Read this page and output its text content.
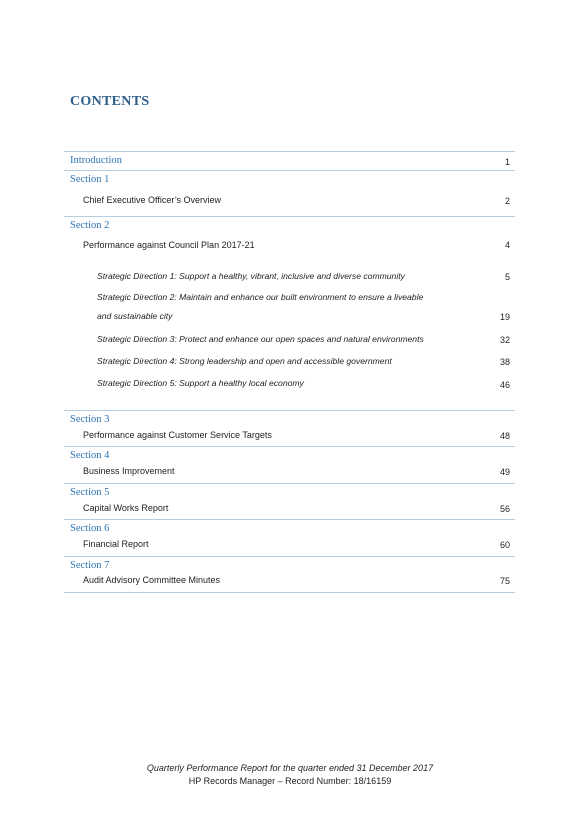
CONTENTS
Introduction	1
Section 1
Chief Executive Officer’s Overview	2
Section 2
Performance against Council Plan 2017-21	4
Strategic Direction 1: Support a healthy, vibrant, inclusive and diverse community	5
Strategic Direction 2: Maintain and enhance our built environment to ensure a liveable
and sustainable city	19
Strategic Direction 3: Protect and enhance our open spaces and natural environments	32
Strategic Direction 4: Strong leadership and open and accessible government	38
Strategic Direction 5: Support a healthy local economy	46
Section 3
Performance against Customer Service Targets	48
Section 4
Business Improvement	49
Section 5
Capital Works Report	56
Section 6
Financial Report	60
Section 7
Audit Advisory Committee Minutes	75
Quarterly Performance Report for the quarter ended 31 December 2017
HP Records Manager – Record Number: 18/16159
